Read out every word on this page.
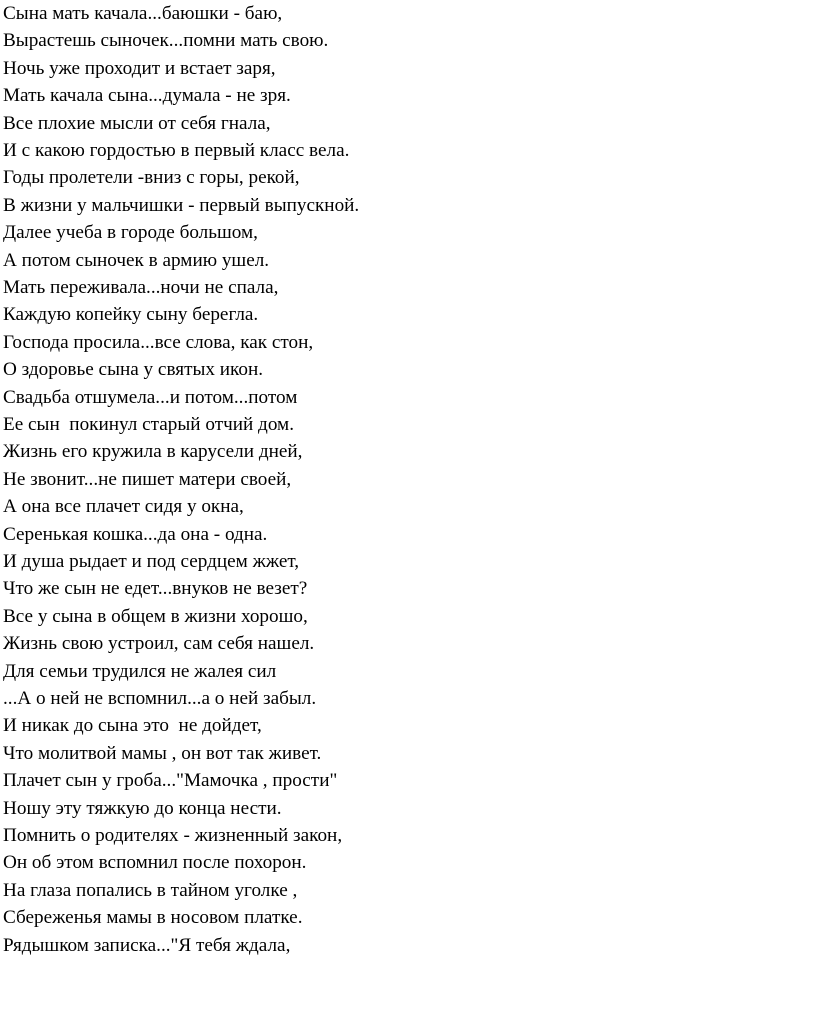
Сына мать качала...баюшки - баю,
Вырастешь сыночек...помни мать свою.
Ночь уже проходит и встает заря,
Мать качала сына...думала - не зря.
Все плохие мысли от себя гнала,
И с какою гордостью в первый класс вела.
Годы пролетели -вниз с горы, рекой,
В жизни у мальчишки - первый выпускной.
Далее учеба в городе большом,
А потом сыночек в армию ушел.
Мать переживала...ночи не спала,
Каждую копейку сыну берегла.
Господа просила...все слова, как стон,
О здоровье сына у святых икон.
Свадьба отшумела...и потом...потом
Ее сын  покинул старый отчий дом.
Жизнь его кружила в карусели дней,
Не звонит...не пишет матери своей,
А она все плачет сидя у окна,
Серенькая кошка...да она - одна.
И душа рыдает и под сердцем жжет,
Что же сын не едет...внуков не везет?
Все у сына в общем в жизни хорошо,
Жизнь свою устроил, сам себя нашел.
Для семьи трудился не жалея сил
...А о ней не вспомнил...а о ней забыл.
И никак до сына это  не дойдет,
Что молитвой мамы , он вот так живет.
Плачет сын у гроба..."Мамочка , прости"
Ношу эту тяжкую до конца нести.
Помнить о родителях - жизненный закон,
Он об этом вспомнил после похорон.
На глаза попались в тайном уголке ,
Сбереженья мамы в носовом платке.
Рядышком записка..."Я тебя ждала,
